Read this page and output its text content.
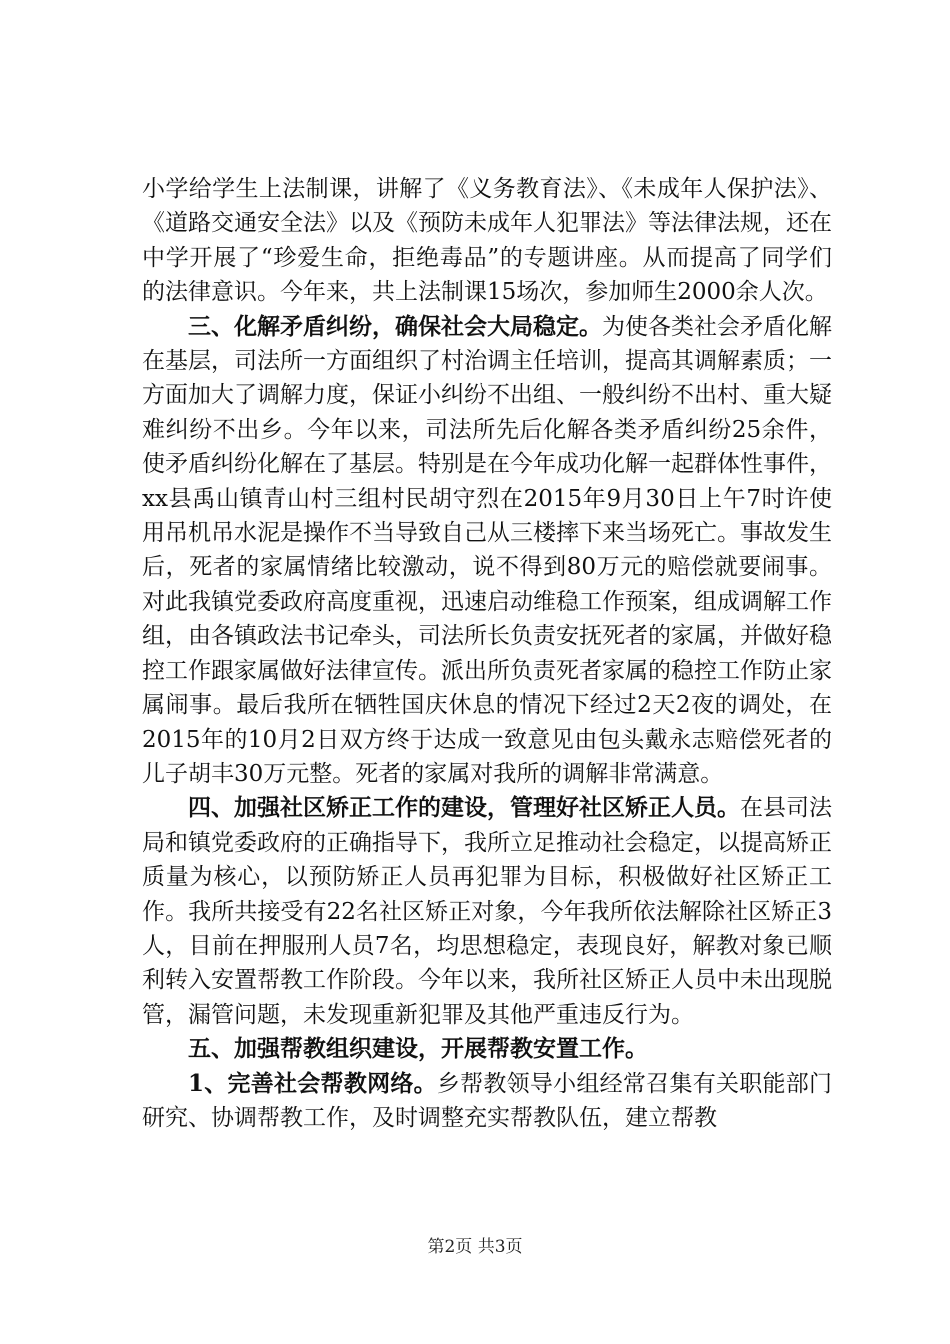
小学给学生上法制课，讲解了《义务教育法》、《未成年人保护法》、《道路交通安全法》以及《预防未成年人犯罪法》等法律法规，还在中学开展了“珍爱生命，拒绝毒品”的专题讲座。从而提高了同学们的法律意识。今年来，共上法制课15场次，参加师生2000余人次。

三、化解矛盾纠纷，确保社会大局稳定。为使各类社会矛盾化解在基层，司法所一方面组织了村治调主任培训，提高其调解素质；一方面加大了调解力度，保证小纠纷不出组、一般纠纷不出村、重大疑难纠纷不出乡。今年以来，司法所先后化解各类矛盾纠纷25余件，使矛盾纠纷化解在了基层。特别是在今年成功化解一起群体性事件，xx县禹山镇青山村三组村民胡守烈在2015年9月30日上午7时许使用吊机吊水泥是操作不当导致自己从三楼摔下来当场死亡。事故发生后，死者的家属情绪比较激动，说不得到80万元的赔偿就要闹事。对此我镇党委政府高度重视，迅速启动维稳工作预案，组成调解工作组，由各镇政法书记牵头，司法所长负责安抚死者的家属，并做好稳控工作跟家属做好法律宣传。派出所负责死者家属的稳控工作防止家属闹事。最后我所在牺牲国庆休息的情况下经过2天2夜的调处，在2015年的10月2日双方终于达成一致意见由包头戴永志赔偿死者的儿子胡丰30万元整。死者的家属对我所的调解非常满意。

四、加强社区矫正工作的建设，管理好社区矫正人员。在县司法局和镇党委政府的正确指导下，我所立足推动社会稳定，以提高矫正质量为核心，以预防矫正人员再犯罪为目标，积极做好社区矫正工作。我所共接受有22名社区矫正对象，今年我所依法解除社区矫正3人，目前在押服刑人员7名，均思想稳定，表现良好，解教对象已顺利转入安置帮教工作阶段。今年以来，我所社区矫正人员中未出现脱管，漏管问题，未发现重新犯罪及其他严重违反行为。

五、加强帮教组织建设，开展帮教安置工作。

1、完善社会帮教网络。乡帮教领导小组经常召集有关职能部门研究、协调帮教工作，及时调整充实帮教队伍，建立帮教

第2页 共3页
